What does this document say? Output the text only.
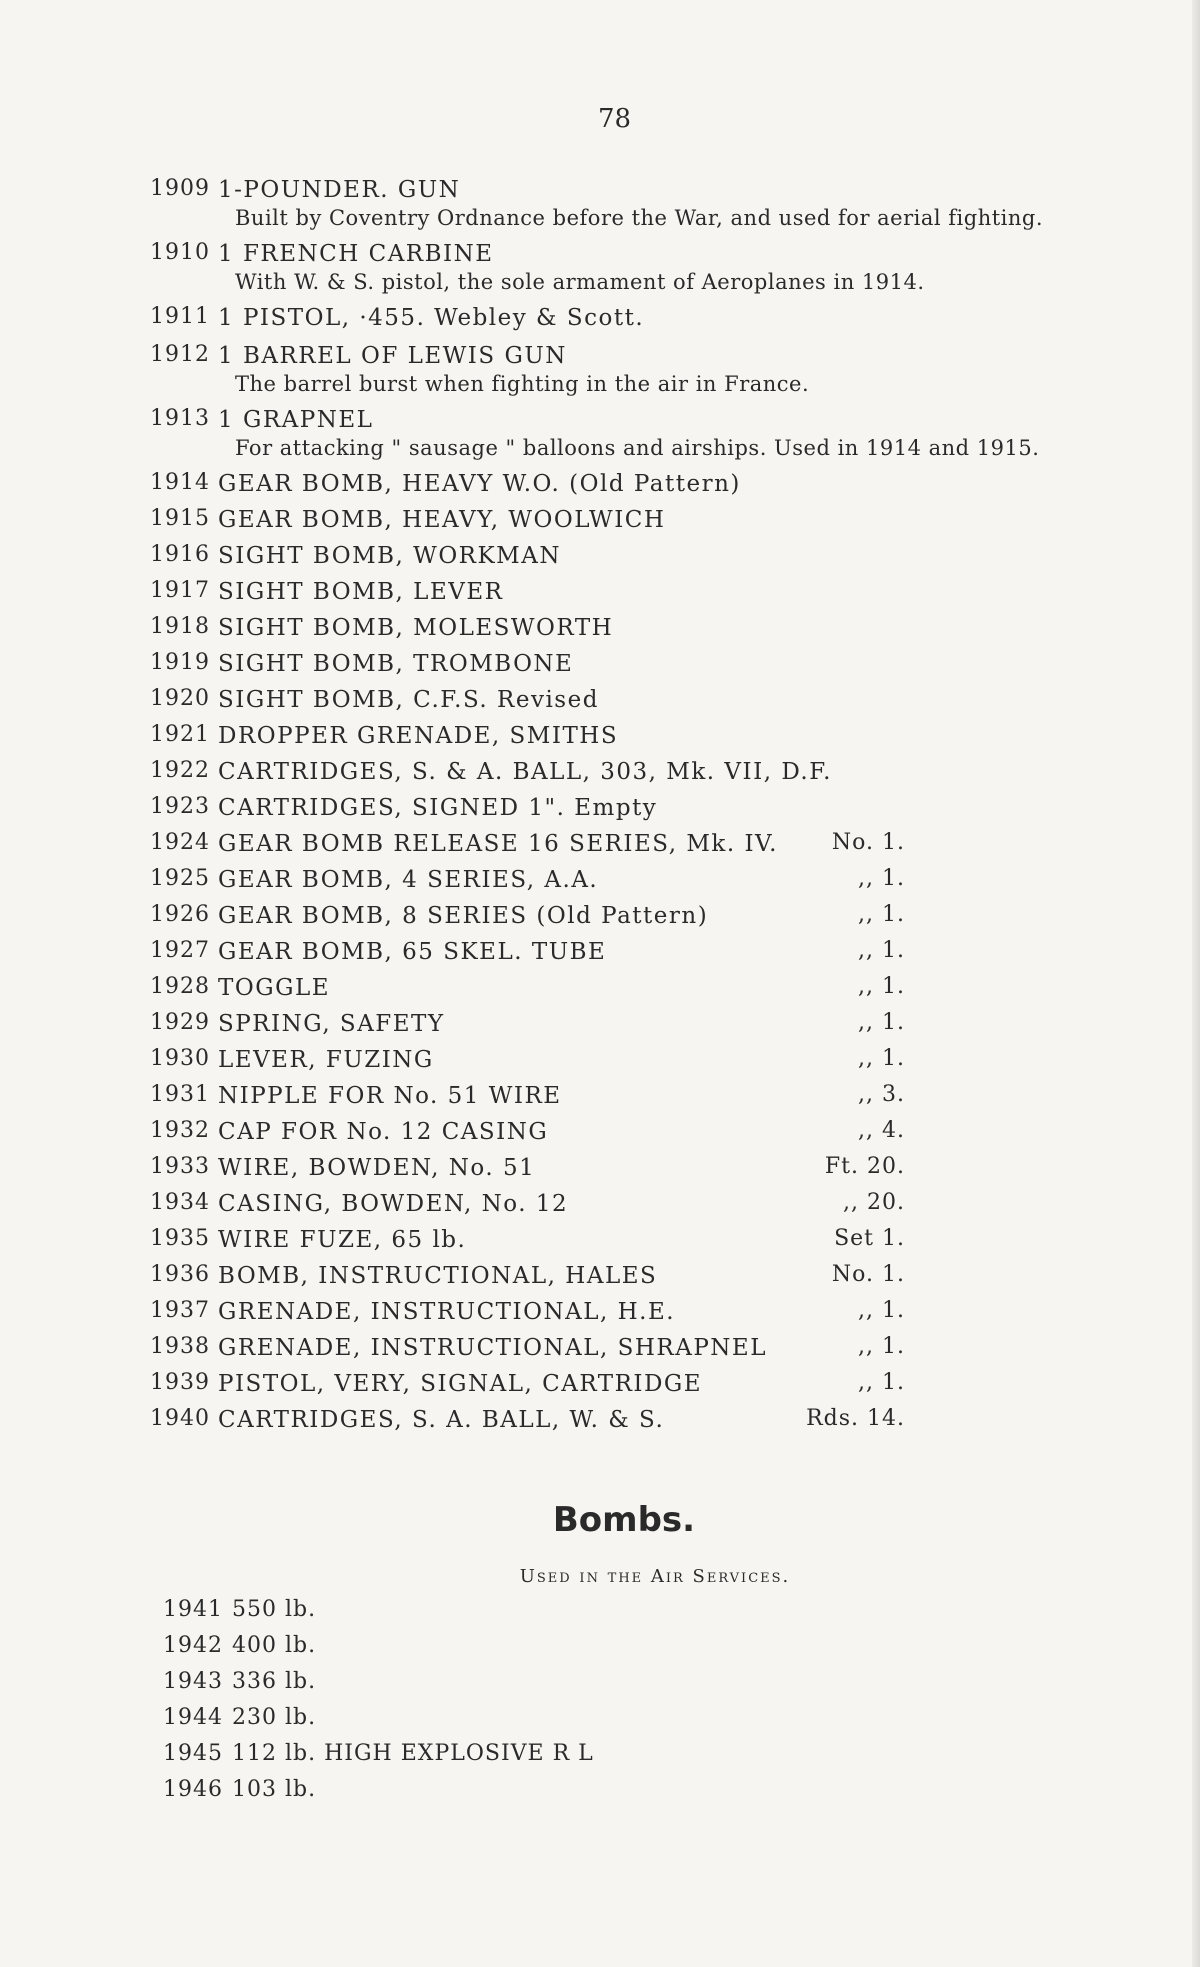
78
1909 1-POUNDER. GUN
Built by Coventry Ordnance before the War, and used for aerial fighting.
1910 1 FRENCH CARBINE
With W. & S. pistol, the sole armament of Aeroplanes in 1914.
1911 1 PISTOL, ·455. Webley & Scott.
1912 1 BARREL OF LEWIS GUN
The barrel burst when fighting in the air in France.
1913 1 GRAPNEL
For attacking " sausage " balloons and airships. Used in 1914 and 1915.
1914 GEAR BOMB, HEAVY W.O. (Old Pattern)
1915 GEAR BOMB, HEAVY, WOOLWICH
1916 SIGHT BOMB, WORKMAN
1917 SIGHT BOMB, LEVER
1918 SIGHT BOMB, MOLESWORTH
1919 SIGHT BOMB, TROMBONE
1920 SIGHT BOMB, C.F.S. Revised
1921 DROPPER GRENADE, SMITHS
1922 CARTRIDGES, S. & A. BALL, 303, Mk. VII, D.F.
1923 CARTRIDGES, SIGNED 1". Empty
1924 GEAR BOMB RELEASE 16 SERIES, Mk. IV.	No. 1.
1925 GEAR BOMB, 4 SERIES, A.A.	,, 1.
1926 GEAR BOMB, 8 SERIES (Old Pattern)	,, 1.
1927 GEAR BOMB, 65 SKEL. TUBE	,, 1.
1928 TOGGLE	,, 1.
1929 SPRING, SAFETY	,, 1.
1930 LEVER, FUZING	,, 1.
1931 NIPPLE FOR No. 51 WIRE	,, 3.
1932 CAP FOR No. 12 CASING	,, 4.
1933 WIRE, BOWDEN, No. 51	Ft. 20.
1934 CASING, BOWDEN, No. 12	,, 20.
1935 WIRE FUZE, 65 lb.	Set 1.
1936 BOMB, INSTRUCTIONAL, HALES	No. 1.
1937 GRENADE, INSTRUCTIONAL, H.E.	,, 1.
1938 GRENADE, INSTRUCTIONAL, SHRAPNEL	,, 1.
1939 PISTOL, VERY, SIGNAL, CARTRIDGE	,, 1.
1940 CARTRIDGES, S. A. BALL, W. & S.	Rds. 14.
Bombs.
Used in the Air Services.
1941 550 lb.
1942 400 lb.
1943 336 lb.
1944 230 lb.
1945 112 lb. HIGH EXPLOSIVE R L
1946 103 lb.
